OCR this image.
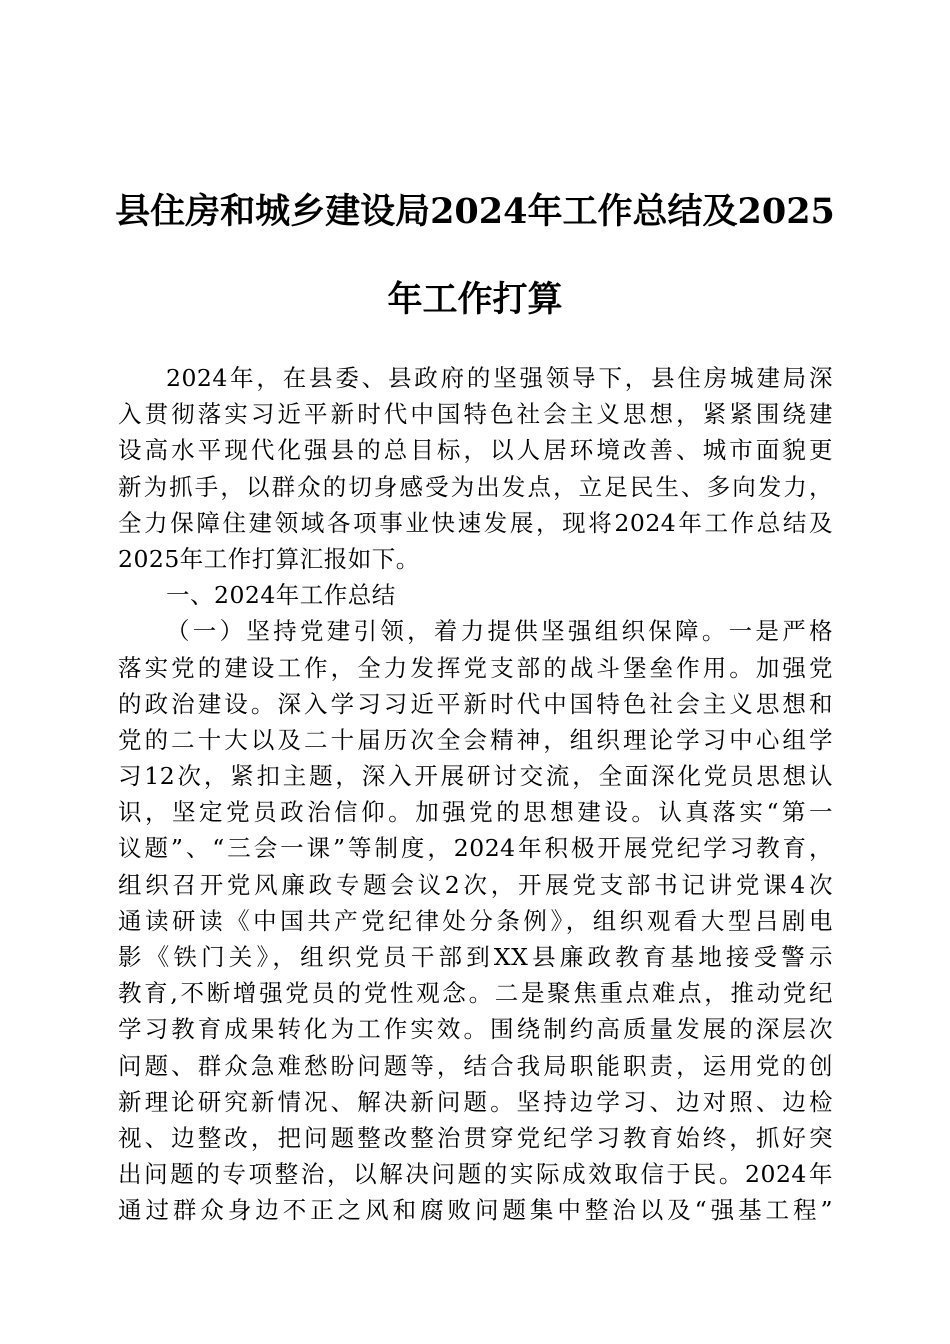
县住房和城乡建设局2024年工作总结及2025
年工作打算
2024年，在县委、县政府的坚强领导下，县住房城建局深
入贯彻落实习近平新时代中国特色社会主义思想，紧紧围绕建
设高水平现代化强县的总目标，以人居环境改善、城市面貌更
新为抓手，以群众的切身感受为出发点，立足民生、多向发力，
全力保障住建领域各项事业快速发展，现将2024年工作总结及
2025年工作打算汇报如下。
一、2024年工作总结
（一）坚持党建引领，着力提供坚强组织保障。一是严格
落实党的建设工作，全力发挥党支部的战斗堡垒作用。加强党
的政治建设。深入学习习近平新时代中国特色社会主义思想和
党的二十大以及二十届历次全会精神，组织理论学习中心组学
习12次，紧扣主题，深入开展研讨交流，全面深化党员思想认
识，坚定党员政治信仰。加强党的思想建设。认真落实“第一
议题”、“三会一课”等制度，2024年积极开展党纪学习教育，
组织召开党风廉政专题会议2次，开展党支部书记讲党课4次
通读研读《中国共产党纪律处分条例》，组织观看大型吕剧电
影《铁门关》，组织党员干部到XX县廉政教育基地接受警示
教育,不断增强党员的党性观念。二是聚焦重点难点，推动党纪
学习教育成果转化为工作实效。围绕制约高质量发展的深层次
问题、群众急难愁盼问题等，结合我局职能职责，运用党的创
新理论研究新情况、解决新问题。坚持边学习、边对照、边检
视、边整改，把问题整改整治贯穿党纪学习教育始终，抓好突
出问题的专项整治，以解决问题的实际成效取信于民。2024年
通过群众身边不正之风和腐败问题集中整治以及“强基工程”
